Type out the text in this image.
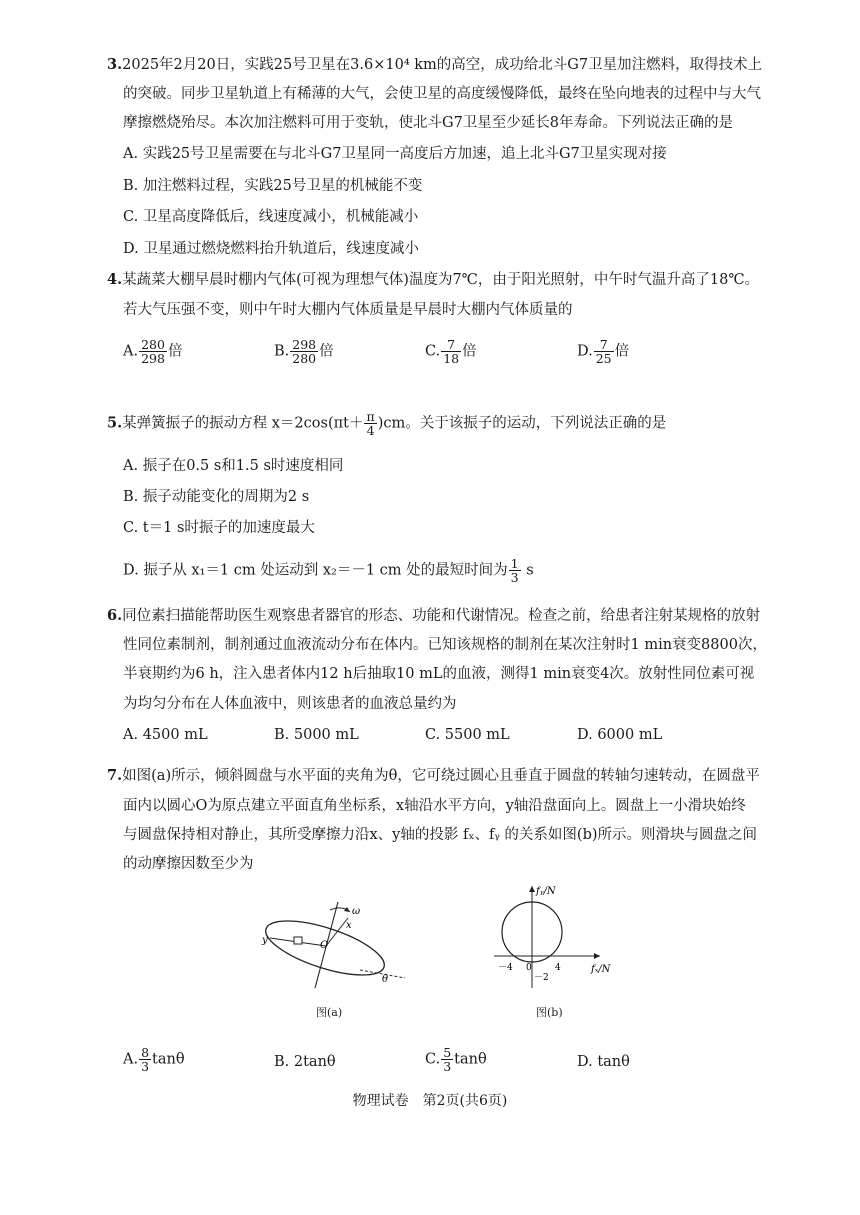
3.2025年2月20日，实践25号卫星在3.6×10⁴ km的高空，成功给北斗G7卫星加注燃料，取得技术上
的突破。同步卫星轨道上有稀薄的大气，会使卫星的高度缓慢降低，最终在坠向地表的过程中与大气
摩擦燃烧殆尽。本次加注燃料可用于变轨，使北斗G7卫星至少延长8年寿命。下列说法正确的是
A. 实践25号卫星需要在与北斗G7卫星同一高度后方加速，追上北斗G7卫星实现对接
B. 加注燃料过程，实践25号卫星的机械能不变
C. 卫星高度降低后，线速度减小，机械能减小
D. 卫星通过燃烧燃料抬升轨道后，线速度减小
4.某蔬菜大棚早晨时棚内气体(可视为理想气体)温度为7℃，由于阳光照射，中午时气温升高了18℃。
若大气压强不变，则中午时大棚内气体质量是早晨时大棚内气体质量的
A. $\frac{280}{298}$ 倍	B. $\frac{298}{280}$ 倍	C. $\frac{7}{18}$ 倍	D. $\frac{7}{25}$ 倍
5.某弹簧振子的振动方程 $x=2\cos(\pi t+ \frac{\pi}{4} )cm$。关于该振子的运动，下列说法正确的是
A. 振子在0.5 s和1.5 s时速度相同
B. 振子动能变化的周期为2 s
C. t＝1 s时振子的加速度最大
D. 振子从 x₁＝1 cm 处运动到 x₂＝－1 cm 处的最短时间为 $\frac{1}{3}$ s
6.同位素扫描能帮助医生观察患者器官的形态、功能和代谢情况。检查之前，给患者注射某规格的放射
性同位素制剂，制剂通过血液流动分布在体内。已知该规格的制剂在某次注射时1 min衰变8800次，
半衰期约为6 h，注入患者体内12 h后抽取10 mL的血液，测得1 min衰变4次。放射性同位素可视
为均匀分布在人体血液中，则该患者的血液总量约为
A. 4500 mL	B. 5000 mL	C. 5500 mL	D. 6000 mL
7.如图(a)所示，倾斜圆盘与水平面的夹角为θ，它可绕过圆心且垂直于圆盘的转轴匀速转动，在圆盘平
面内以圆心O为原点建立平面直角坐标系，x轴沿水平方向，y轴沿盘面向上。圆盘上一小滑块始终
与圆盘保持相对静止，其所受摩擦力沿x、y轴的投影 fₓ、fᵧ 的关系如图(b)所示。则滑块与圆盘之间
的动摩擦因数至少为
ω
x
y	O
θ
图(a)
fᵧ/N
fₓ/N
－4 0	4
－2
图(b)
A. $\frac{8}{3}$ tanθ	B. 2tanθ	C. $\frac{5}{3}$ tanθ	D. tanθ
物理试卷　第2页(共6页)
